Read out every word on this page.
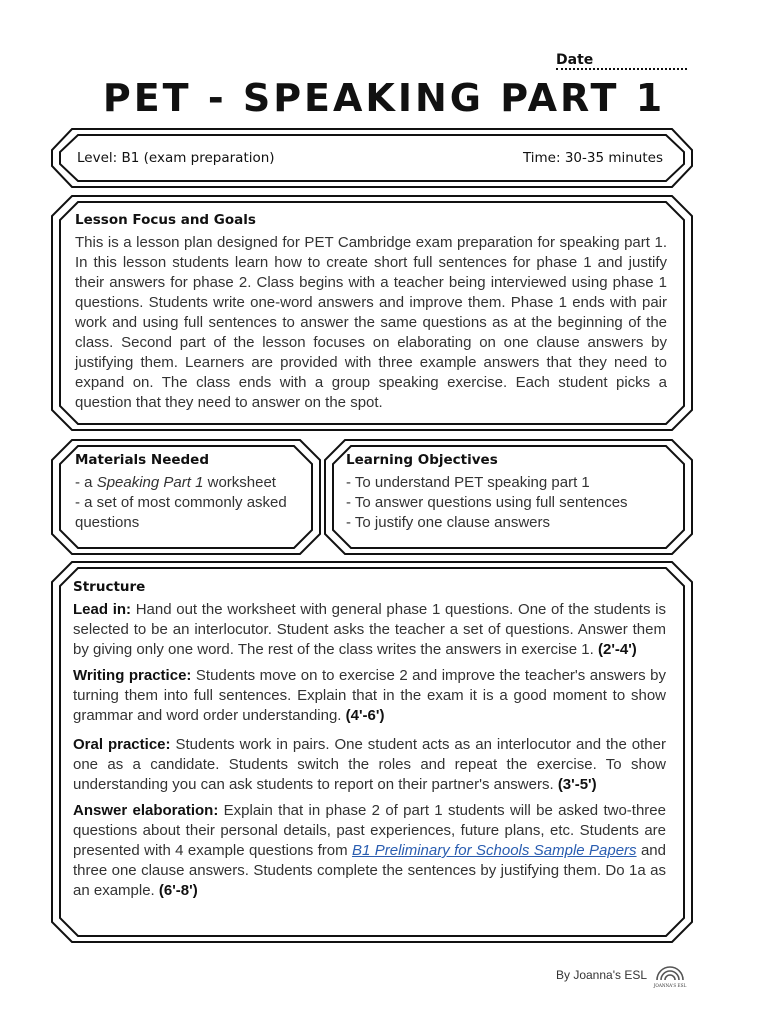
Date
PET - SPEAKING PART 1
Level: B1 (exam preparation)	Time: 30-35 minutes
Lesson Focus and Goals
This is a lesson plan designed for PET Cambridge exam preparation for speaking part 1. In this lesson students learn how to create short full sentences for phase 1 and justify their answers for phase 2. Class begins with a teacher being interviewed using phase 1 questions. Students write one-word answers and improve them. Phase 1 ends with pair work and using full sentences to answer the same questions as at the beginning of the class. Second part of the lesson focuses on elaborating on one clause answers by justifying them. Learners are provided with three example answers that they need to expand on. The class ends with a group speaking exercise. Each student picks a question that they need to answer on the spot.
Materials Needed
- a Speaking Part 1 worksheet
- a set of most commonly asked questions
Learning Objectives
- To understand PET speaking part 1
- To answer questions using full sentences
- To justify one clause answers
Structure

Lead in: Hand out the worksheet with general phase 1 questions. One of the students is selected to be an interlocutor. Student asks the teacher a set of questions. Answer them by giving only one word. The rest of the class writes the answers in exercise 1. (2'-4')

Writing practice: Students move on to exercise 2 and improve the teacher's answers by turning them into full sentences. Explain that in the exam it is a good moment to show grammar and word order understanding. (4'-6')

Oral practice: Students work in pairs. One student acts as an interlocutor and the other one as a candidate. Students switch the roles and repeat the exercise. To show understanding you can ask students to report on their partner's answers. (3'-5')

Answer elaboration: Explain that in phase 2 of part 1 students will be asked two-three questions about their personal details, past experiences, future plans, etc. Students are presented with 4 example questions from B1 Preliminary for Schools Sample Papers and three one clause answers. Students complete the sentences by justifying them. Do 1a as an example. (6'-8')

By Joanna's ESL
JOANNA'S ESL
